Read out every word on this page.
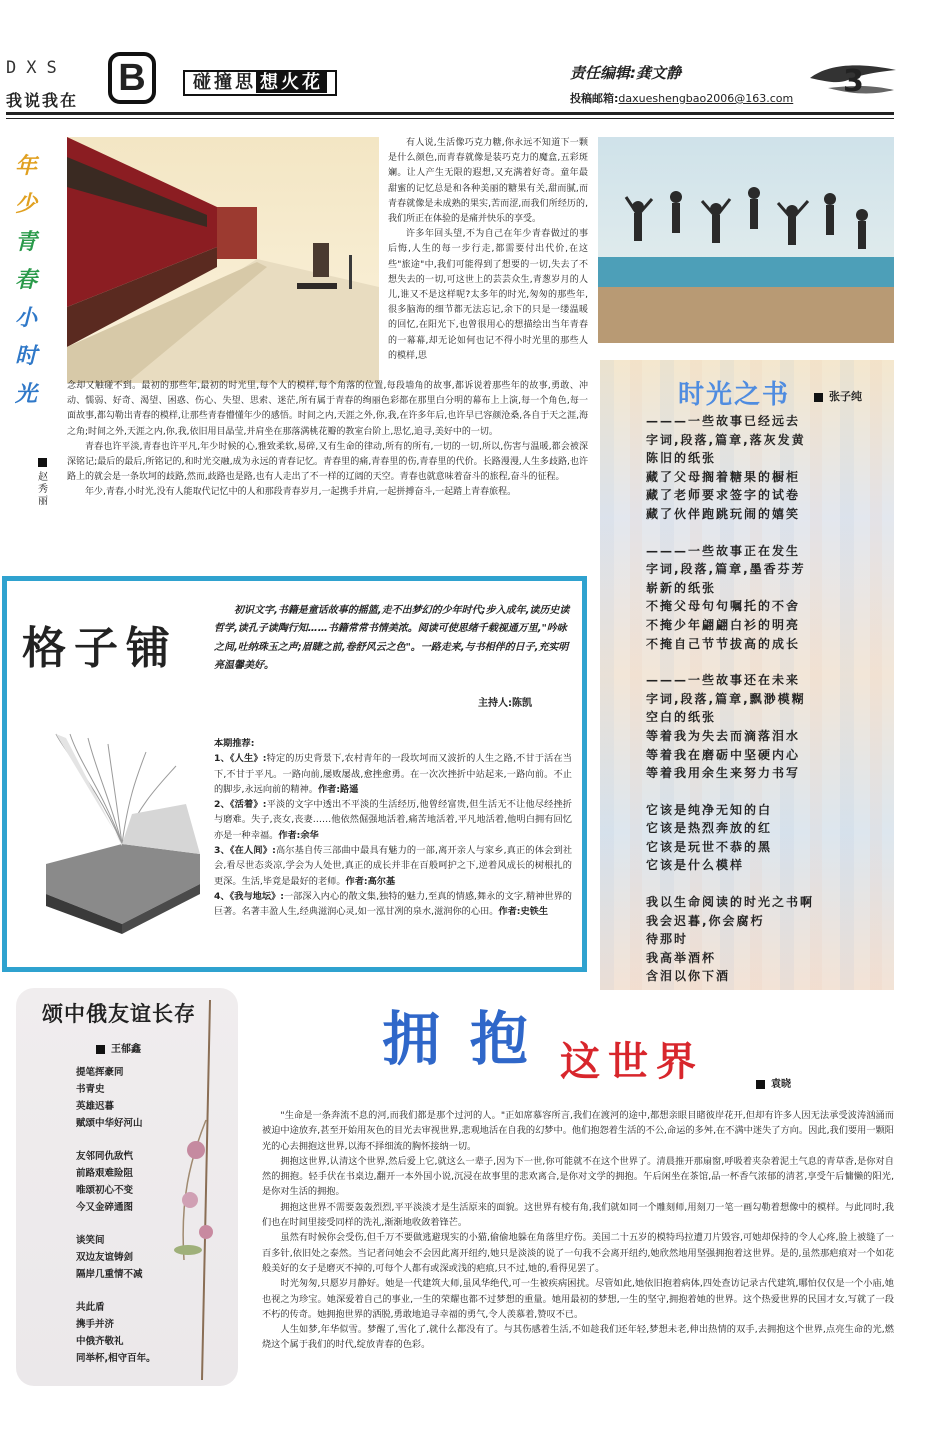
DXS
我说我在
B	碰撞思 想火花	责任编辑:龚文静
投稿邮箱:daxueshengbao2006@163.com 3
年
少
青
春
小
时
光
赵秀丽

有人说,生活像巧克力糖,你永远不知道下一颗是什么颜色,而青春就像是装巧克力的魔盒,五彩斑斓。让人产生无限的遐想,又充满着好奇。童年最甜蜜的记忆总是和各种美丽的糖果有关,甜而腻,而青春就像是未成熟的果实,苦而涩,而我们所经历的,我们所正在体验的是痛并快乐的享受。

许多年回头望,不为自己在年少青春做过的事后悔,人生的每一步行走,都需要付出代价,在这些"旅途"中,我们可能得到了想要的一切,失去了不想失去的一切,可这世上的芸芸众生,青葱岁月的人儿,谁又不是这样呢?太多年的时光,匆匆的那些年,很多脑海的细节都无法忘记,余下的只是一缕温暖的回忆,在阳光下,也曾很用心的想描绘出当年青春的一幕幕,却无论如何也记不得小时光里的那些人的模样,思

念却又触碰不到。最初的那些年,最初的时光里,每个人的模样,每个角落的位置,每段墙角的故事,都诉说着那些年的故事,勇敢、冲动、懦弱、好奇、渴望、困惑、伤心、失望、思索、迷茫,所有属于青春的绚丽色彩都在那里白分明的幕布上上演,每一个角色,每一面故事,都勾勒出青春的模样,让那些青春懵懂年少的感悟。时间之内,天涯之外,你,我,在许多年后,也许早已容颜沧桑,各自于天之涯,海之角;时间之外,天涯之内,你,我,依旧用目晶莹,并肩坐在那落满桃花瓣的教室台阶上,思忆,追寻,美好中的一切。

青春也许平淡,青春也许平凡,年少时候的心,雅致柔软,易碎,又有生命的律动,所有的所有,一切的一切,所以,伤害与温暖,都会被深深铭记;最后的最后,所铭记的,和时光交融,成为永远的青春记忆。青春里的痛,青春里的伤,青春里的代价。长路漫漫,人生多歧路,也许路上的就会是一条坎坷的歧路,然而,歧路也是路,也有人走出了不一样的辽阔的天空。青春也就意味着奋斗的旅程,奋斗的征程。

年少,青春,小时光,没有人能取代记忆中的人和那段青春岁月,一起携手并肩,一起拼搏奋斗,一起踏上青春旅程。

时光之书	张子纯
———一些故事已经远去
字词,段落,篇章,落灰发黄
陈旧的纸张
藏了父母搁着糖果的橱柜
藏了老师要求签字的试卷
藏了伙伴跑跳玩闹的嬉笑
———一些故事正在发生
字词,段落,篇章,墨香芬芳
崭新的纸张
不掩父母句句嘱托的不舍
不掩少年翩翩白衫的明亮
不掩自己节节拔高的成长
———一些故事还在未来
字词,段落,篇章,飘渺模糊
空白的纸张
等着我为失去而滴落泪水
等着我在磨砺中坚硬内心
等着我用余生来努力书写
它该是纯净无知的白
它该是热烈奔放的红
它该是玩世不恭的黑
它该是什么模样
我以生命阅读的时光之书啊
我会迟暮,你会腐朽
待那时
我高举酒杯
含泪以你下酒
格子铺
初识文字,书籍是童话故事的摇篮,走不出梦幻的少年时代;步入成年,读历史读哲学,读孔子读陶行知……书籍常常书情美浓。阅读可使思绪千载视通万里,"吟咏之间,吐纳珠玉之声;眉睫之前,卷舒风云之色"。一路走来,与书相伴的日子,充实明亮温馨美好。
主持人:陈凯
本期推荐:
1、《人生》:特定的历史背景下,农村青年的一段坎坷而又波折的人生之路,不甘于活在当下,不甘于平凡。一路向前,屡败屡战,愈挫愈勇。在一次次挫折中站起来,一路向前。不止的脚步,永远向前的精神。作者:路遥
2、《活着》:平淡的文字中透出不平淡的生活经历,他曾经富贵,但生活无不让他尽经挫折与磨难。失子,丧女,丧妻……他依然倔强地活着,痛苦地活着,平凡地活着,他明白拥有回忆亦是一种幸福。作者:余华
3、《在人间》:高尔基自传三部曲中最具有魅力的一部,离开亲人与家乡,真正的体会到社会,看尽世态炎凉,学会为人处世,真正的成长并非在百般呵护之下,逆着风成长的树根扎的更深。生活,毕竟是最好的老师。作者:高尔基
4、《我与地坛》:一部深入内心的散文集,独特的魅力,至真的情感,舞永的文字,精神世界的巨著。名著丰盈人生,经典滋润心灵,如一泓甘冽的泉水,滋润你的心田。作者:史铁生
颂中俄友谊长存
王郁鑫
提笔挥豪同
书青史
英雄迟暮
赋颂中华好河山
友邻同仇敌忾
前路艰难险阻
唯颂初心不变
今又金碎通图
谈笑间
双边友谊铸剑
隔岸几重情不减
共此盾
携手并济
中俄齐敬礼
同举杯,相守百年。
拥抱 这世界	袁晓

"生命是一条奔流不息的河,而我们都是那个过河的人。"正如席慕容所言,我们在渡河的途中,都想亲眼目睹彼岸花开,但却有许多人因无法承受波涛汹涌而被迫中途放弃,甚至开始用灰色的目光去审视世界,悲观地活在自我的幻梦中。他们抱怨着生活的不公,命运的多舛,在不满中迷失了方向。因此,我们要用一颗阳光的心去拥抱这世界,以海不择细流的胸怀接纳一切。

拥抱这世界,认清这个世界,然后爱上它,就这么一辈子,因为下一世,你可能就不在这个世界了。清晨推开那扇窗,呼吸着夹杂着泥土气息的青草香,是你对自然的拥抱。轻手伏在书桌边,翻开一本外国小说,沉浸在故事里的悲欢离合,是你对文学的拥抱。午后闲坐在茶馆,品一杯香气浓郁的清茗,享受午后慵懒的阳光,是你对生活的拥抱。

拥抱这世界不需要轰轰烈烈,平平淡淡才是生活原来的面貌。这世界有棱有角,我们就如同一个雕刻师,用刻刀一笔一画勾勒着想像中的模样。与此同时,我们也在时间里接受同样的洗礼,渐渐地收敛着锋芒。

虽然有时候你会受伤,但千万不要做逃避现实的小猫,偷偷地躲在角落里疗伤。美国二十五岁的模特玛拉遭刀片毁容,可她却保持的令人心疼,脸上被缝了一百多针,依旧处之泰然。当记者问她会不会因此离开纽约,她只是淡淡的说了一句我不会离开纽约,她欣然地用坚强拥抱着这世界。是的,虽然那疤痕对一个如花般美好的女子是磨灭不掉的,可每个人都有或深或浅的疤痕,只不过,她的,看得见罢了。

时光匆匆,只愿岁月静好。她是一代建筑大师,虽风华绝代,可一生被疾病困扰。尽管如此,她依旧抱着病体,四处查访记录古代建筑,哪怕仅仅是一个小庙,她也视之为珍宝。她深爱着自己的事业,一生的荣耀也都不过梦想的重量。她用最初的梦想,一生的坚守,拥抱着她的世界。这个热爱世界的民国才女,写就了一段不朽的传奇。她拥抱世界的洒脱,勇敢地追寻幸福的勇气,令人羡慕着,赞叹不已。

人生如梦,年华似雪。梦醒了,雪化了,就什么都没有了。与其伤感着生活,不如趁我们还年轻,梦想未老,伸出热情的双手,去拥抱这个世界,点亮生命的光,燃烧这个属于我们的时代,绽放青春的色彩。
